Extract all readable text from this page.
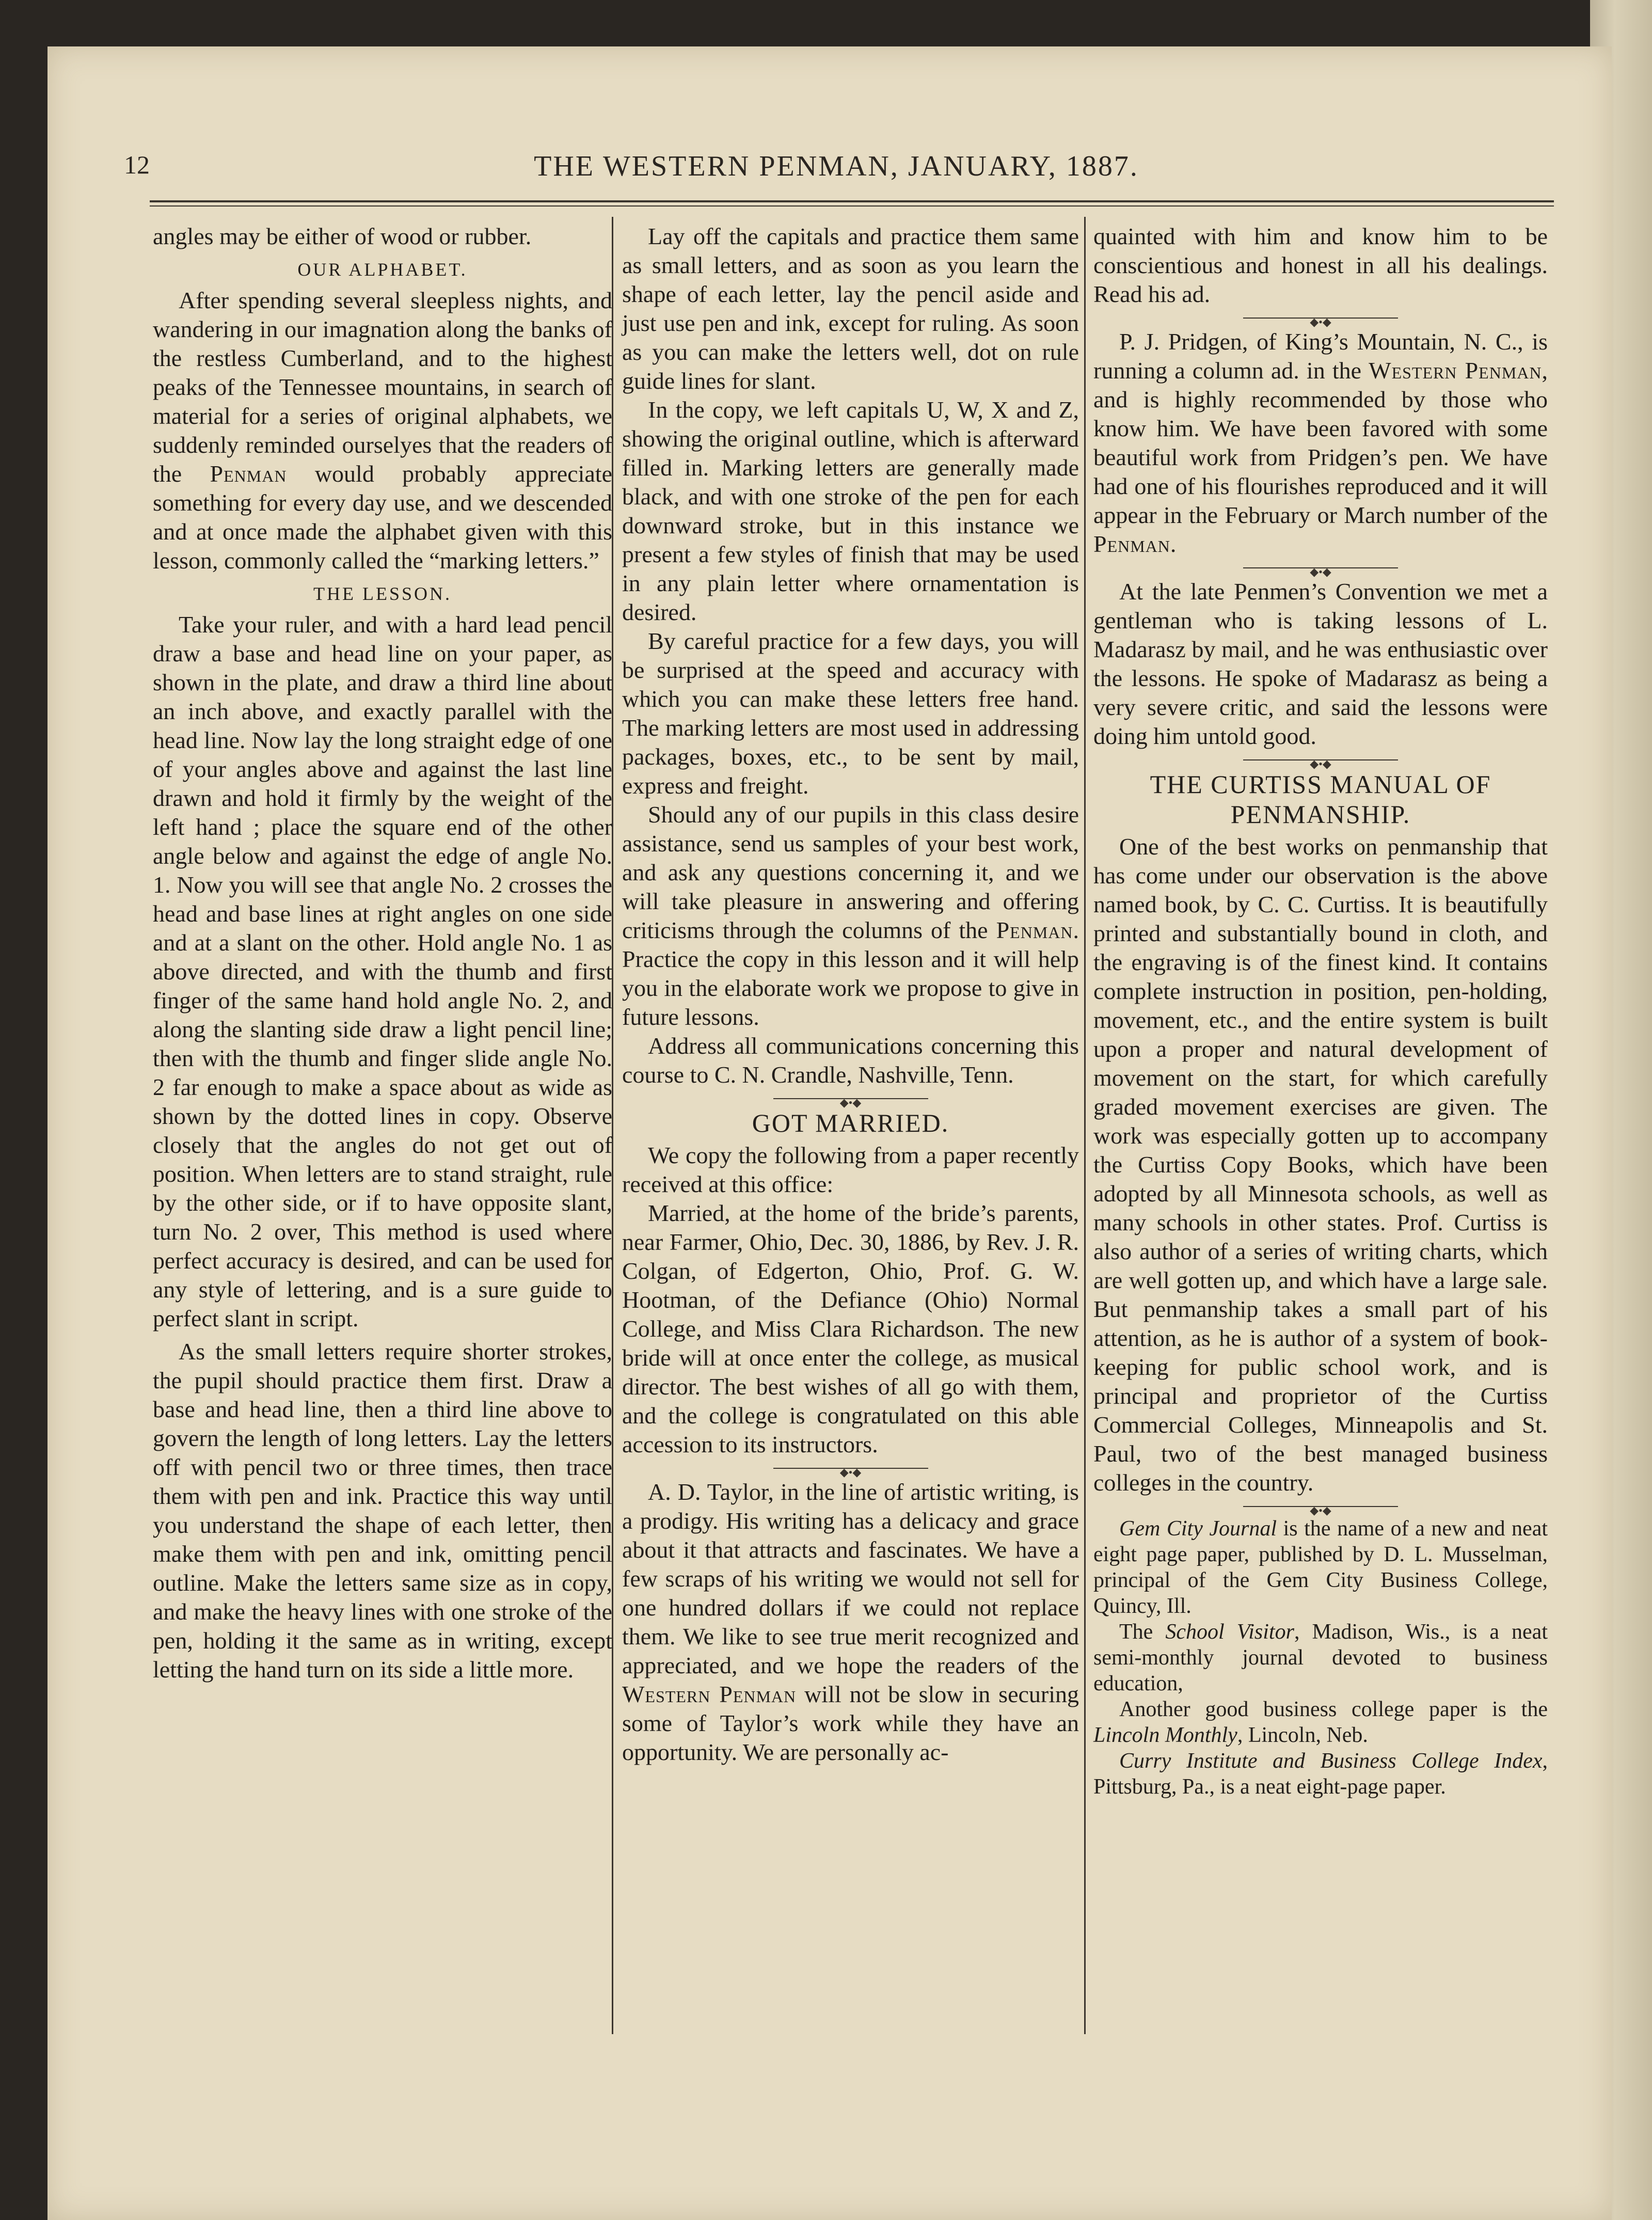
12	THE WESTERN PENMAN, JANUARY, 1887.

angles may be either of wood or rubber.

OUR ALPHABET.

After spending several sleepless nights, and wandering in our imagnation along the banks of the restless Cumberland, and to the highest peaks of the Tennessee mountains, in search of material for a series of original alphabets, we suddenly reminded ourselyes that the readers of the Penman would probably appreciate something for every day use, and we descended and at once made the alphabet given with this lesson, commonly called the “marking letters.”

THE LESSON.

Take your ruler, and with a hard lead pencil draw a base and head line on your paper, as shown in the plate, and draw a third line about an inch above, and exactly parallel with the head line. Now lay the long straight edge of one of your angles above and against the last line drawn and hold it firmly by the weight of the left hand ; place the square end of the other angle below and against the edge of angle No. 1. Now you will see that angle No. 2 crosses the head and base lines at right angles on one side and at a slant on the other. Hold angle No. 1 as above directed, and with the thumb and first finger of the same hand hold angle No. 2, and along the slanting side draw a light pencil line; then with the thumb and finger slide angle No. 2 far enough to make a space about as wide as shown by the dotted lines in copy. Observe closely that the angles do not get out of position. When letters are to stand straight, rule by the other side, or if to have opposite slant, turn No. 2 over, This method is used where perfect accuracy is desired, and can be used for any style of lettering, and is a sure guide to perfect slant in script.

As the small letters require shorter strokes, the pupil should practice them first. Draw a base and head line, then a third line above to govern the length of long letters. Lay the letters off with pencil two or three times, then trace them with pen and ink. Practice this way until you understand the shape of each letter, then make them with pen and ink, omitting pencil outline. Make the letters same size as in copy, and make the heavy lines with one stroke of the pen, holding it the same as in writing, except letting the hand turn on its side a little more.

Lay off the capitals and practice them same as small letters, and as soon as you learn the shape of each letter, lay the pencil aside and just use pen and ink, except for ruling. As soon as you can make the letters well, dot on rule guide lines for slant.

In the copy, we left capitals U, W, X and Z, showing the original outline, which is afterward filled in. Marking letters are generally made black, and with one stroke of the pen for each downward stroke, but in this instance we present a few styles of finish that may be used in any plain letter where ornamentation is desired.

By careful practice for a few days, you will be surprised at the speed and accuracy with which you can make these letters free hand. The marking letters are most used in addressing packages, boxes, etc., to be sent by mail, express and freight.

Should any of our pupils in this class desire assistance, send us samples of your best work, and ask any questions concerning it, and we will take pleasure in answering and offering criticisms through the columns of the Penman. Practice the copy in this lesson and it will help you in the elaborate work we propose to give in future lessons.

Address all communications concerning this course to C. N. Crandle, Nashville, Tenn.

◆•◆
GOT MARRIED.

We copy the following from a paper recently received at this office:

Married, at the home of the bride’s parents, near Farmer, Ohio, Dec. 30, 1886, by Rev. J. R. Colgan, of Edgerton, Ohio, Prof. G. W. Hootman, of the Defiance (Ohio) Normal College, and Miss Clara Richardson. The new bride will at once enter the college, as musical director. The best wishes of all go with them, and the college is congratulated on this able accession to its instructors.

◆•◆

A. D. Taylor, in the line of artistic writing, is a prodigy. His writing has a delicacy and grace about it that attracts and fascinates. We have a few scraps of his writing we would not sell for one hundred dollars if we could not replace them. We like to see true merit recognized and appreciated, and we hope the readers of the Western Penman will not be slow in securing some of Taylor’s work while they have an opportunity. We are personally ac-

quainted with him and know him to be conscientious and honest in all his dealings. Read his ad.

◆•◆

P. J. Pridgen, of King’s Mountain, N. C., is running a column ad. in the Western Penman, and is highly recommended by those who know him. We have been favored with some beautiful work from Pridgen’s pen. We have had one of his flourishes reproduced and it will appear in the February or March number of the Penman.

◆•◆

At the late Penmen’s Convention we met a gentleman who is taking lessons of L. Madarasz by mail, and he was enthusiastic over the lessons. He spoke of Madarasz as being a very severe critic, and said the lessons were doing him untold good.

◆•◆
THE CURTISS MANUAL OF PENMANSHIP.

One of the best works on penmanship that has come under our observation is the above named book, by C. C. Curtiss. It is beautifully printed and substantially bound in cloth, and the engraving is of the finest kind. It contains complete instruction in position, pen-holding, movement, etc., and the entire system is built upon a proper and natural development of movement on the start, for which carefully graded movement exercises are given. The work was especially gotten up to accompany the Curtiss Copy Books, which have been adopted by all Minnesota schools, as well as many schools in other states. Prof. Curtiss is also author of a series of writing charts, which are well gotten up, and which have a large sale. But penmanship takes a small part of his attention, as he is author of a system of book-keeping for public school work, and is principal and proprietor of the Curtiss Commercial Colleges, Minneapolis and St. Paul, two of the best managed business colleges in the country.

◆•◆

Gem City Journal is the name of a new and neat eight page paper, published by D. L. Musselman, principal of the Gem City Business College, Quincy, Ill.

The School Visitor, Madison, Wis., is a neat semi-monthly journal devoted to business education,

Another good business college paper is the Lincoln Monthly, Lincoln, Neb.

Curry Institute and Business College Index, Pittsburg, Pa., is a neat eight-page paper.
